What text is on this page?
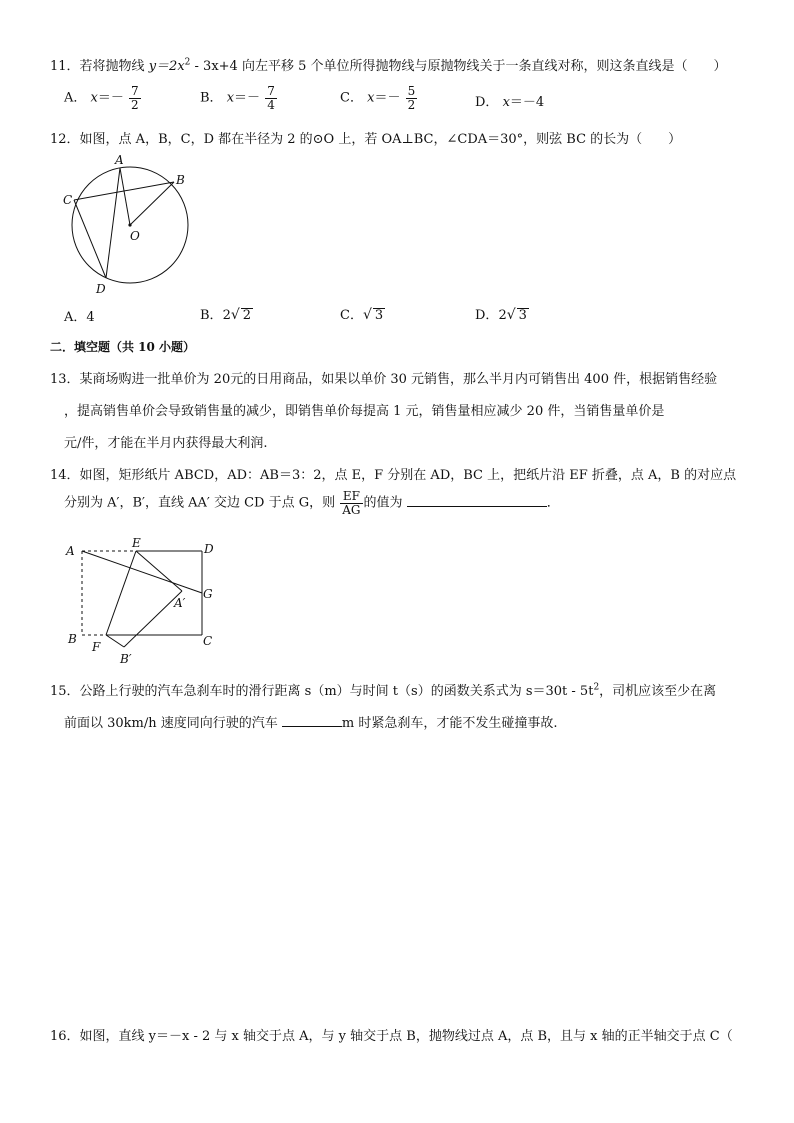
11．若将抛物线 $y=2x^2 - 3x+4$ 向左平移 5 个单位所得抛物线与原抛物线关于一条直线对称，则这条直线是（　　）
A． $x=- \frac{7}{2}$	B． $x=- \frac{7}{4}$	C． $x=- \frac{5}{2}$	D． x＝－4
12．如图，点 A，B，C，D 都在半径为 2 的⊙O 上，若 OA⊥BC，∠CDA＝30°，则弦 BC 的长为（　　）
A
B
C
D
O
A．4	B．2√ 2	C．√ 3	D．2√ 3
二．填空题（共 10 小题）
13．某商场购进一批单价为 20元的日用商品，如果以单价 30 元销售，那么半月内可销售出 400 件，根据销售经验
，提高销售单价会导致销售量的减少，即销售单价每提高 1 元，销售量相应减少 20 件，当销售量单价是
元/件，才能在半月内获得最大利润.
14．如图，矩形纸片 ABCD，AD：AB＝3：2，点 E，F 分别在 AD，BC 上，把纸片沿 EF 折叠，点 A，B 的对应点
分别为 A′，B′，直线 AA′ 交边 CD 于点 G，则 $\frac{EF}{AG}$ 的值为	．
A
E	D
A′
G
B
F	C
B′
15．公路上行驶的汽车急刹车时的滑行距离 s（m）与时间 t（s）的函数关系式为 $s=30t - 5t^2$，司机应该至少在离
前面以 30km/h 速度同向行驶的汽车	m 时紧急刹车，才能不发生碰撞事故.
16．如图，直线 y＝－x - 2 与 x 轴交于点 A，与 y 轴交于点 B，抛物线过点 A，点 B，且与 x 轴的正半轴交于点 C（
